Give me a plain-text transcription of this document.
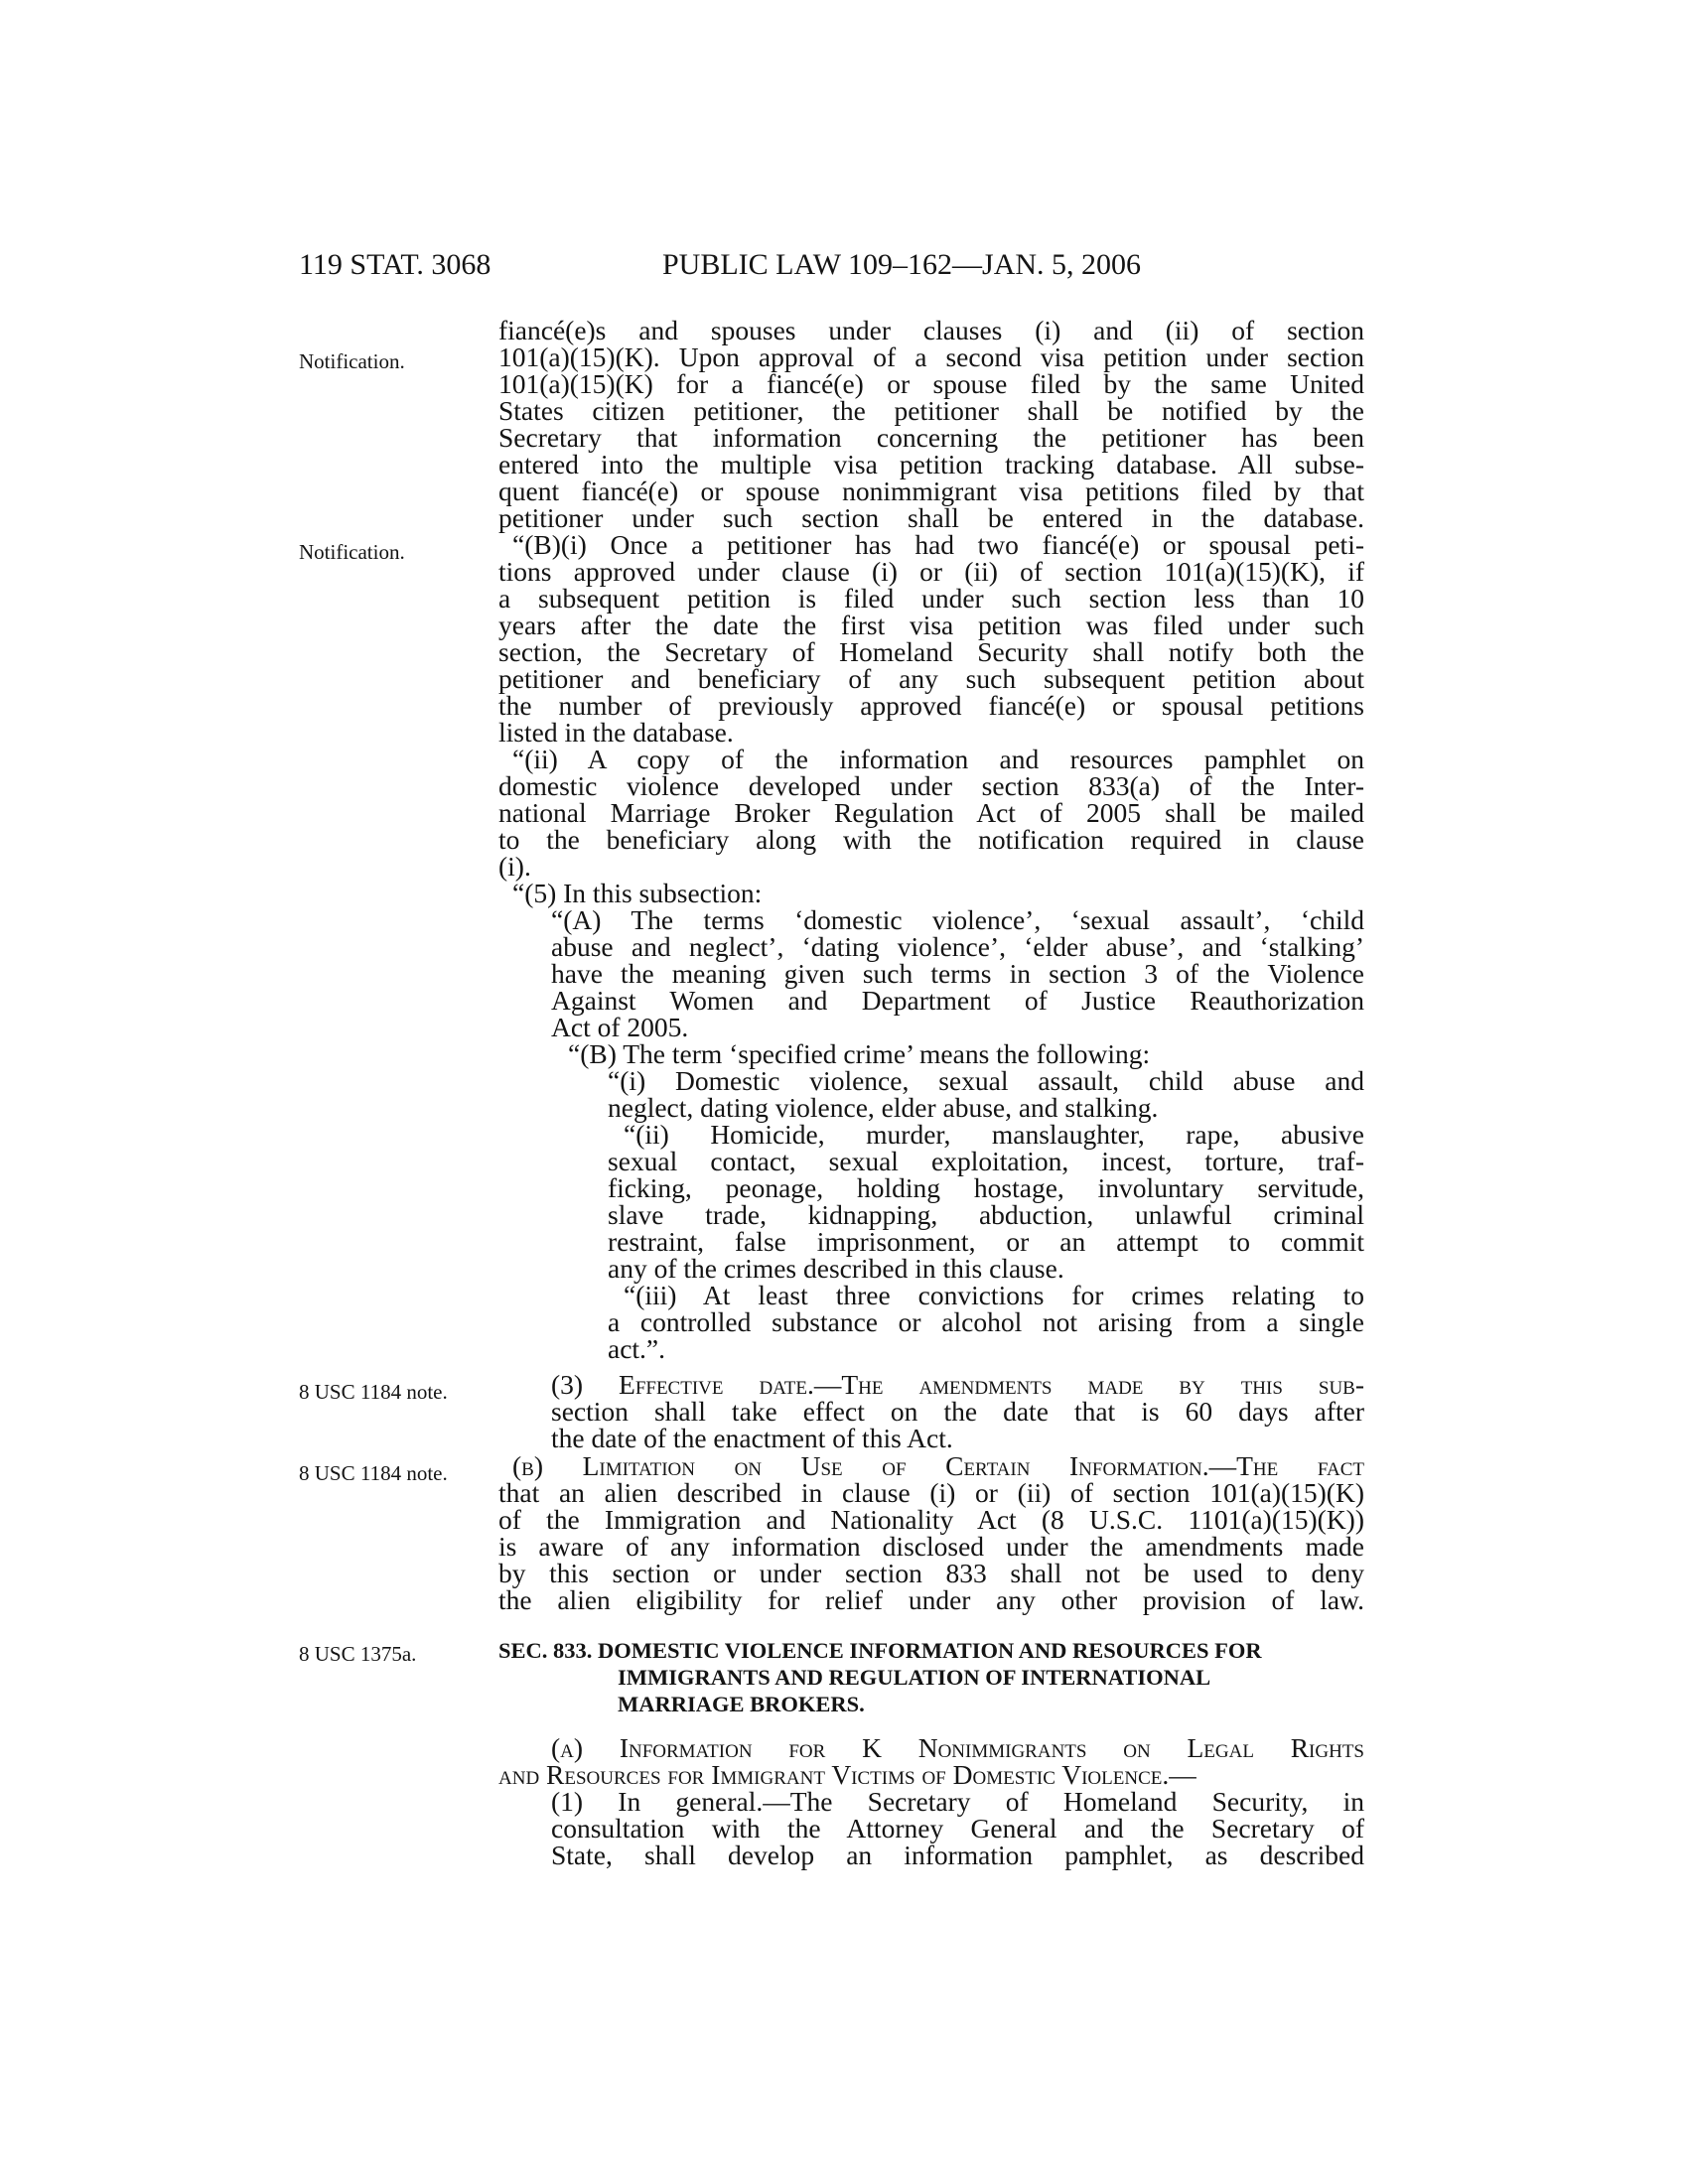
119 STAT. 3068	PUBLIC LAW 109–162—JAN. 5, 2006
Notification.
Notification.
8 USC 1184 note.
8 USC 1184 note.
8 USC 1375a.
fiancé(e)s and spouses under clauses (i) and (ii) of section
101(a)(15)(K). Upon approval of a second visa petition under section
101(a)(15)(K) for a fiancé(e) or spouse filed by the same United
States citizen petitioner, the petitioner shall be notified by the
Secretary that information concerning the petitioner has been
entered into the multiple visa petition tracking database. All subse-
quent fiancé(e) or spouse nonimmigrant visa petitions filed by that
petitioner under such section shall be entered in the database.
“(B)(i) Once a petitioner has had two fiancé(e) or spousal peti-
tions approved under clause (i) or (ii) of section 101(a)(15)(K), if
a subsequent petition is filed under such section less than 10
years after the date the first visa petition was filed under such
section, the Secretary of Homeland Security shall notify both the
petitioner and beneficiary of any such subsequent petition about
the number of previously approved fiancé(e) or spousal petitions
listed in the database.
“(ii) A copy of the information and resources pamphlet on
domestic violence developed under section 833(a) of the Inter-
national Marriage Broker Regulation Act of 2005 shall be mailed
to the beneficiary along with the notification required in clause
(i).
“(5) In this subsection:
“(A) The terms ‘domestic violence’, ‘sexual assault’, ‘child
abuse and neglect’, ‘dating violence’, ‘elder abuse’, and ‘stalking’
have the meaning given such terms in section 3 of the Violence
Against Women and Department of Justice Reauthorization
Act of 2005.
“(B) The term ‘specified crime’ means the following:
“(i) Domestic violence, sexual assault, child abuse and
neglect, dating violence, elder abuse, and stalking.
“(ii) Homicide, murder, manslaughter, rape, abusive
sexual contact, sexual exploitation, incest, torture, traf-
ficking, peonage, holding hostage, involuntary servitude,
slave trade, kidnapping, abduction, unlawful criminal
restraint, false imprisonment, or an attempt to commit
any of the crimes described in this clause.
“(iii) At least three convictions for crimes relating to
a controlled substance or alcohol not arising from a single
act.”.
(3) Effective date.—The amendments made by this sub-
section shall take effect on the date that is 60 days after
the date of the enactment of this Act.
(b) Limitation on Use of Certain Information.—The fact
that an alien described in clause (i) or (ii) of section 101(a)(15)(K)
of the Immigration and Nationality Act (8 U.S.C. 1101(a)(15)(K))
is aware of any information disclosed under the amendments made
by this section or under section 833 shall not be used to deny
the alien eligibility for relief under any other provision of law.
SEC. 833. DOMESTIC VIOLENCE INFORMATION AND RESOURCES FOR
IMMIGRANTS AND REGULATION OF INTERNATIONAL
MARRIAGE BROKERS.
(a) Information for K Nonimmigrants on Legal Rights
and Resources for Immigrant Victims of Domestic Violence.—
(1) In general.—The Secretary of Homeland Security, in
consultation with the Attorney General and the Secretary of
State, shall develop an information pamphlet, as described
